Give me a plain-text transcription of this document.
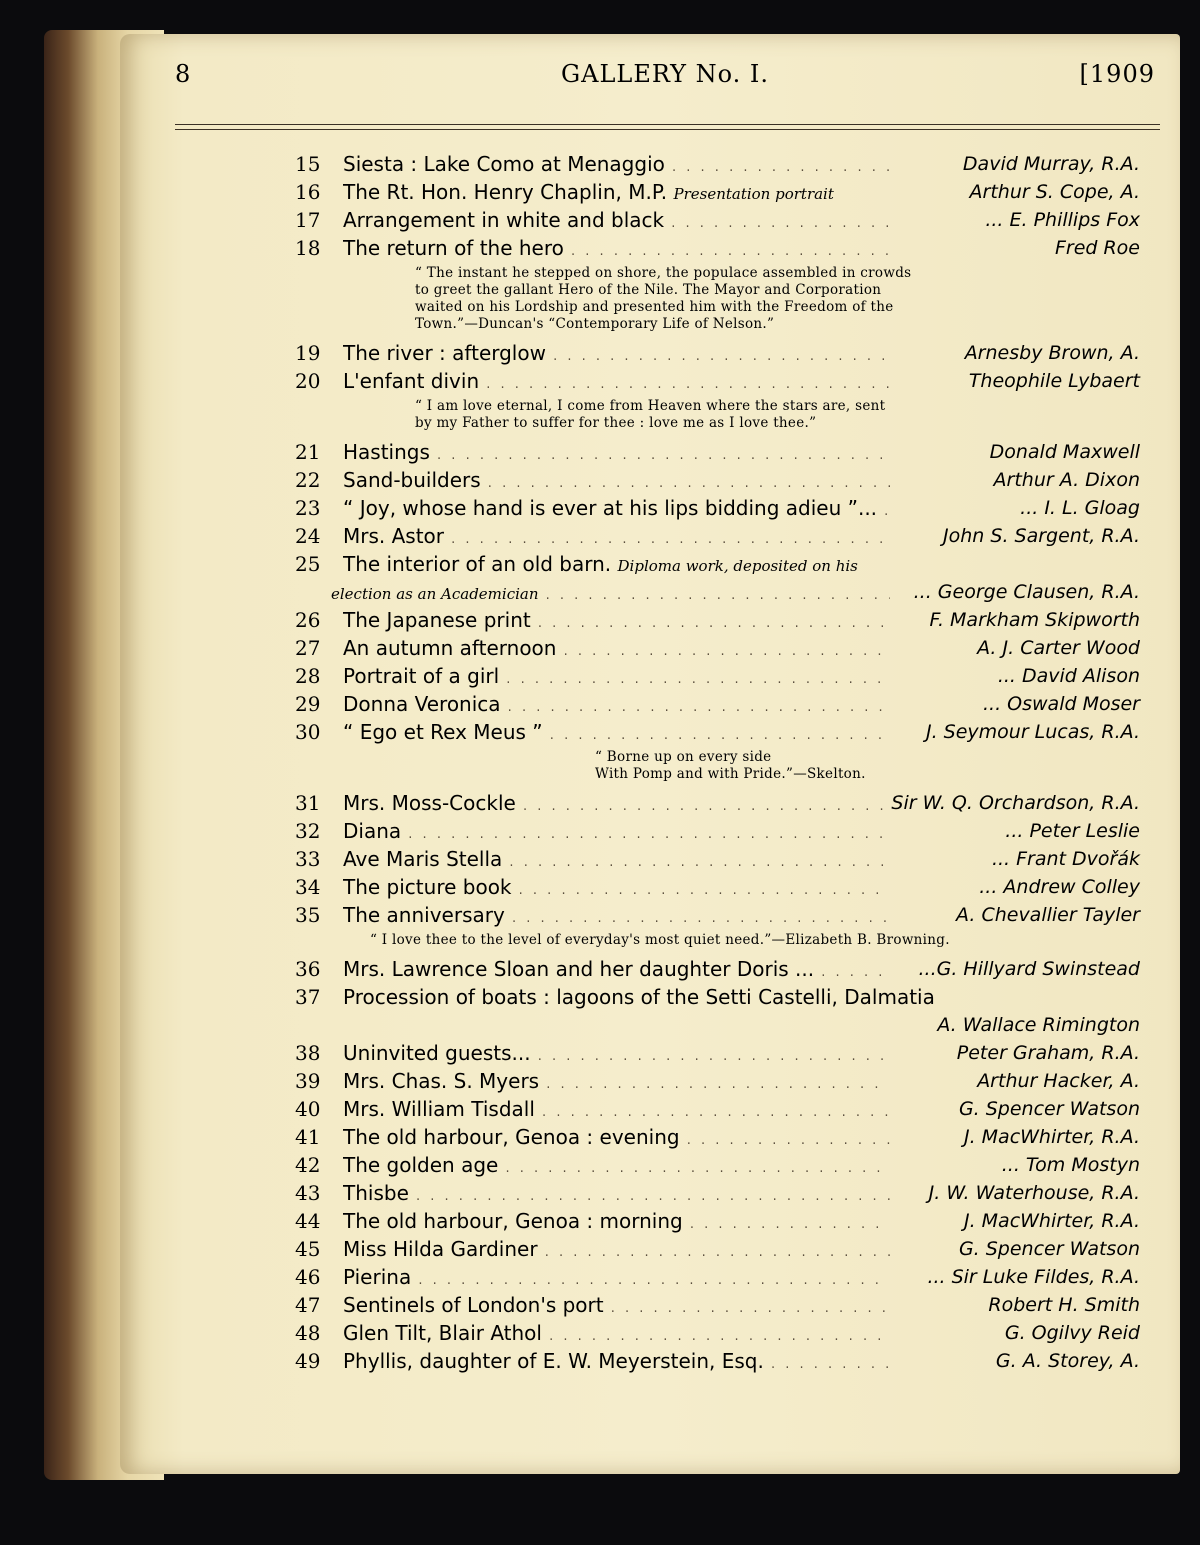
8	GALLERY No. I.	[1909
15	Siesta : Lake Como at Menaggio . . .	David Murray, R.A.
16	The Rt. Hon. Henry Chaplin, M.P. Presentation portrait	Arthur S. Cope, A.
17	Arrangement in white and black . . .	... E. Phillips Fox
18	The return of the hero . . .	Fred Roe
“ The instant he stepped on shore, the populace assembled in crowds
to greet the gallant Hero of the Nile. The Mayor and Corporation
waited on his Lordship and presented him with the Freedom of the
Town.”—Duncan's “Contemporary Life of Nelson.”
19	The river : afterglow . . .	Arnesby Brown, A.
20	L'enfant divin . . .	Theophile Lybaert
“ I am love eternal, I come from Heaven where the stars are, sent
by my Father to suffer for thee : love me as I love thee.”
21	Hastings . . .	Donald Maxwell
22	Sand-builders . . .	Arthur A. Dixon
23	“ Joy, whose hand is ever at his lips bidding adieu ”... . . .	... I. L. Gloag
24	Mrs. Astor . . .	John S. Sargent, R.A.
25	The interior of an old barn. Diploma work, deposited on his
election as an Academician . . .	... George Clausen, R.A.
26	The Japanese print . . .	F. Markham Skipworth
27	An autumn afternoon . . .	A. J. Carter Wood
28	Portrait of a girl . . .	... David Alison
29	Donna Veronica . . .	... Oswald Moser
30	“ Ego et Rex Meus ” . . .	J. Seymour Lucas, R.A.
“ Borne up on every side
With Pomp and with Pride.”—Skelton.
31	Mrs. Moss-Cockle . . .	Sir W. Q. Orchardson, R.A.
32	Diana . . .	... Peter Leslie
33	Ave Maris Stella . . .	... Frant Dvořák
34	The picture book . . .	... Andrew Colley
35	The anniversary . . .	A. Chevallier Tayler
“ I love thee to the level of everyday's most quiet need.”—Elizabeth B. Browning.
36	Mrs. Lawrence Sloan and her daughter Doris ... . . .	...G. Hillyard Swinstead
37	Procession of boats : lagoons of the Setti Castelli, Dalmatia
A. Wallace Rimington
38	Uninvited guests... . . .	Peter Graham, R.A.
39	Mrs. Chas. S. Myers . . .	Arthur Hacker, A.
40	Mrs. William Tisdall . . .	G. Spencer Watson
41	The old harbour, Genoa : evening . . .	J. MacWhirter, R.A.
42	The golden age . . .	... Tom Mostyn
43	Thisbe . . .	J. W. Waterhouse, R.A.
44	The old harbour, Genoa : morning . . .	J. MacWhirter, R.A.
45	Miss Hilda Gardiner . . .	G. Spencer Watson
46	Pierina . . .	... Sir Luke Fildes, R.A.
47	Sentinels of London's port . . .	Robert H. Smith
48	Glen Tilt, Blair Athol . . .	G. Ogilvy Reid
49	Phyllis, daughter of E. W. Meyerstein, Esq. . . .	G. A. Storey, A.
